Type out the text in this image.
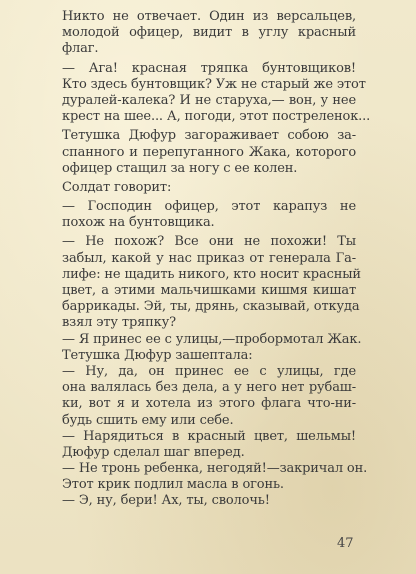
Никто не отвечает. Один из версальцев,
молодой офицер, видит в углу красный
флаг.
— Ага! красная тряпка бунтовщиков!
Кто здесь бунтовщик? Уж не старый же этот
дуралей-калека? И не старуха,— вон, у нее
крест на шее... А, погоди, этот постреленок...
Тетушка Дюфур загораживает собою за-
спанного и перепуганного Жака, которого
офицер стащил за ногу с ее колен.
Солдат говорит:
— Господин офицер, этот карапуз не
похож на бунтовщика.
— Не похож? Все они не похожи! Ты
забыл, какой у нас приказ от генерала Га-
лифе: не щадить никого, кто носит красный
цвет, а этими мальчишками кишмя кишат
баррикады. Эй, ты, дрянь, сказывай, откуда
взял эту тряпку?
— Я принес ее с улицы,—пробормотал Жак.
Тетушка Дюфур зашептала:
— Ну, да, он принес ее с улицы, где
она валялась без дела, а у него нет рубаш-
ки, вот я и хотела из этого флага что-ни-
будь сшить ему или себе.
— Нарядиться в красный цвет, шельмы!
Дюфур сделал шаг вперед.
— Не тронь ребенка, негодяй!—закричал он.
Этот крик подлил масла в огонь.
— Э, ну, бери! Ах, ты, сволочь!
47
